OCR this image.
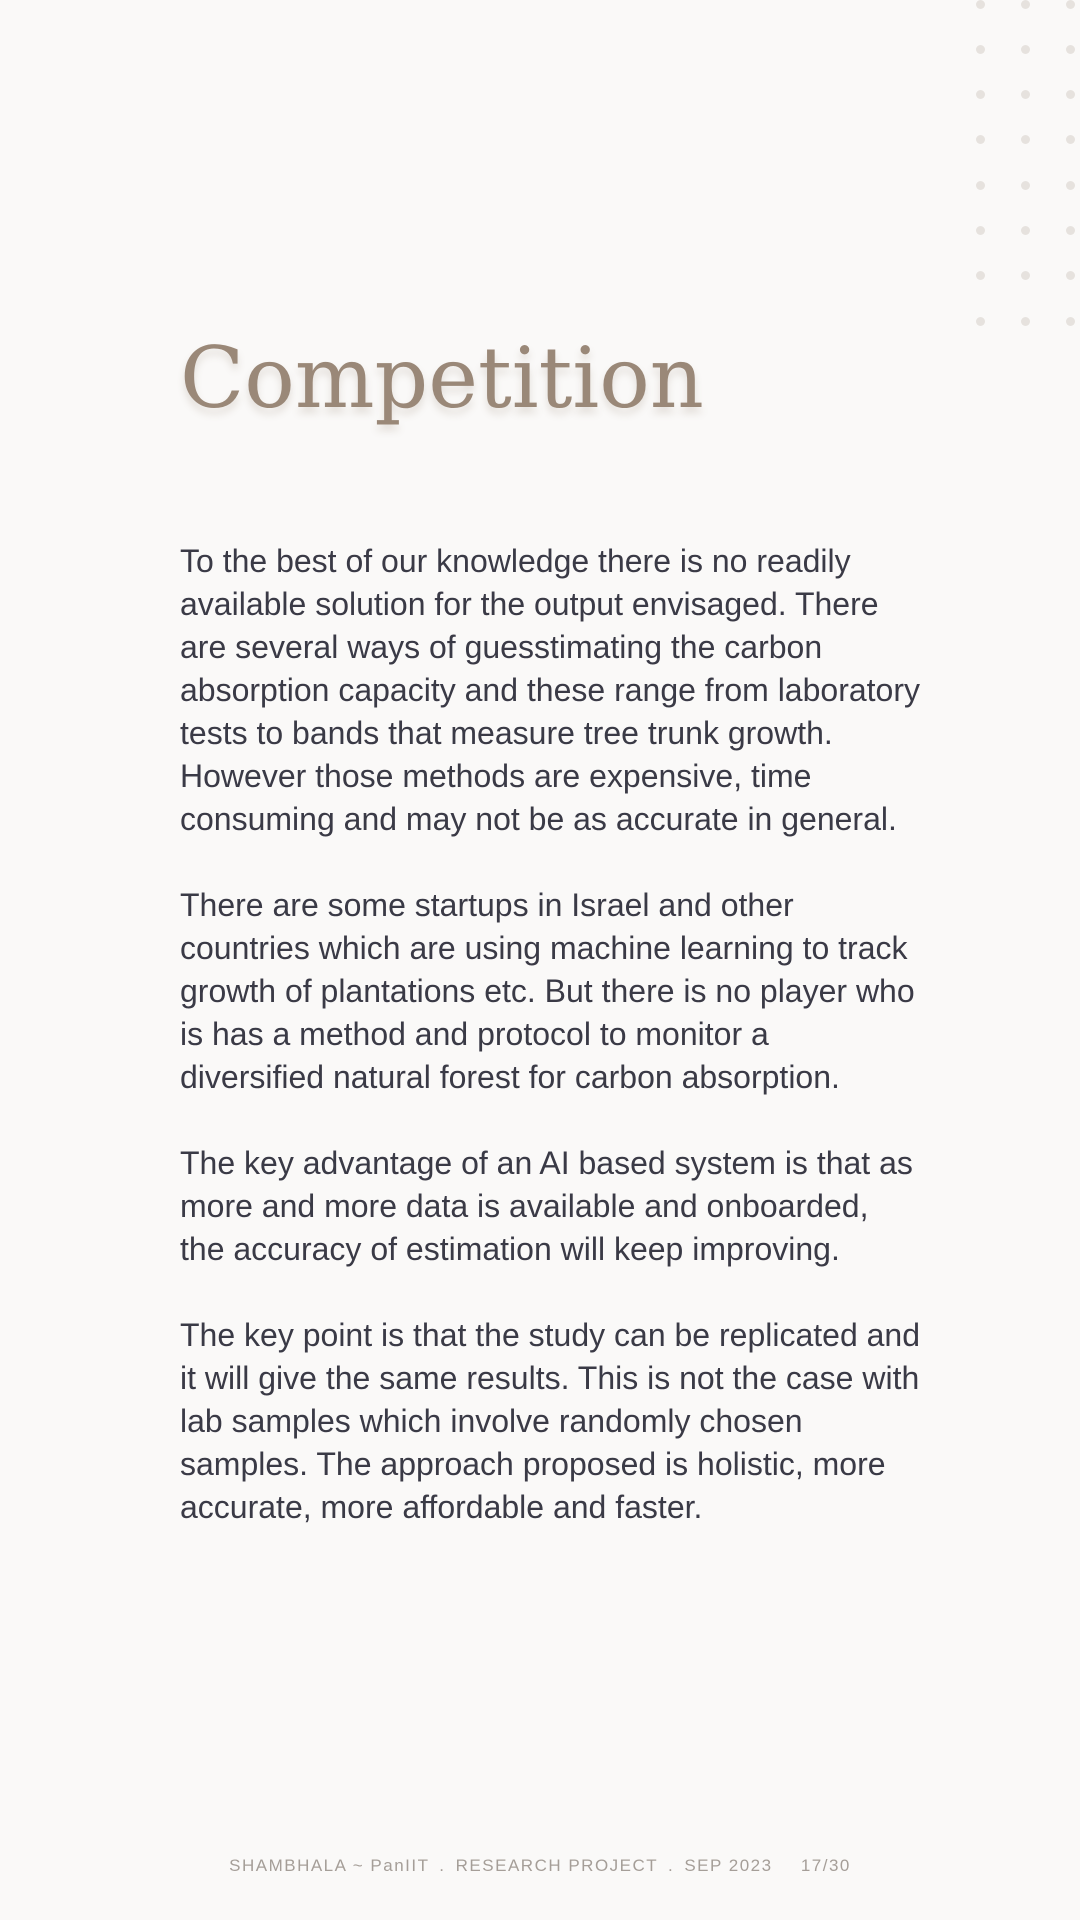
Competition

To the best of our knowledge there is no readily available solution for the output envisaged. There are several ways of guesstimating the carbon absorption capacity and these range from laboratory tests to bands that measure tree trunk growth. However those methods are expensive, time consuming and may not be as accurate in general.

There are some startups in Israel and other countries which are using machine learning to track growth of plantations etc. But there is no player who is has a method and protocol to monitor a diversified natural forest for carbon absorption.

The key advantage of an AI based system is that as more and more data is available and onboarded, the accuracy of estimation will keep improving.

The key point is that the study can be replicated and it will give the same results. This is not the case with lab samples which involve randomly chosen samples. The approach proposed is holistic, more accurate, more affordable and faster.

SHAMBHALA ~ PanIIT . RESEARCH PROJECT . SEP 2023 17/30
